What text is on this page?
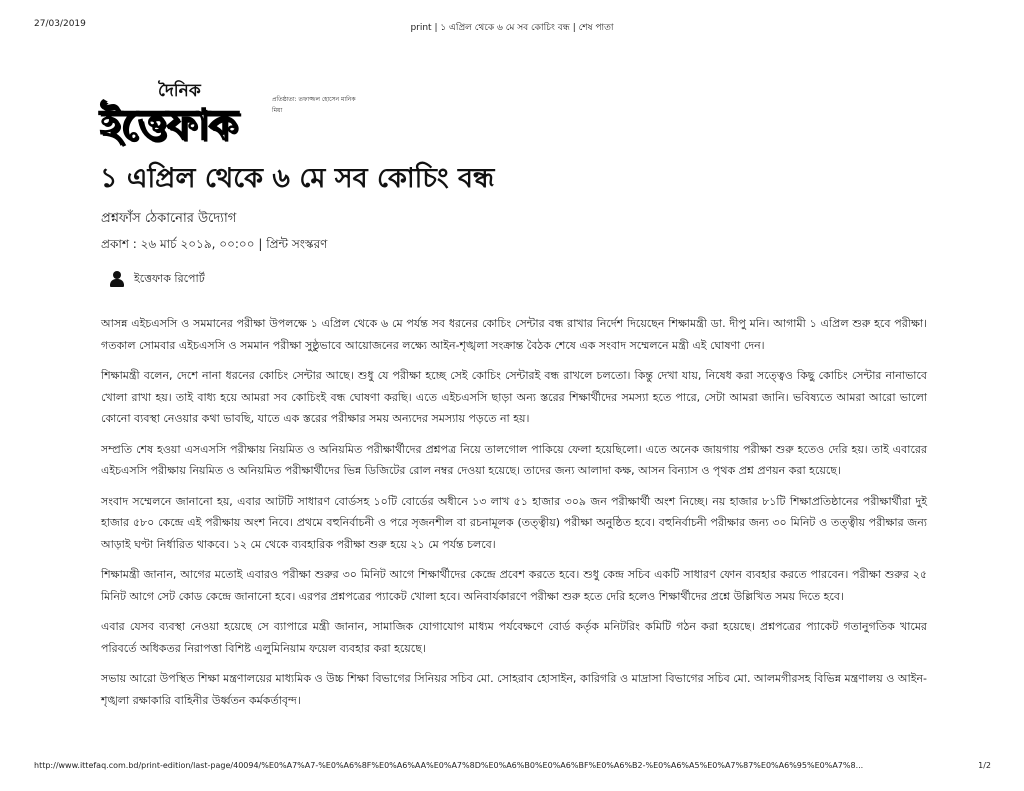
27/03/2019	print | ১ এপ্রিল থেকে ৬ মে সব কোচিং বন্ধ | শেষ পাতা
দৈনিক	প্রতিষ্ঠাতা: তফাজ্জল হোসেন মানিক মিয়া
ইত্তেফাক
১ এপ্রিল থেকে ৬ মে সব কোচিং বন্ধ
প্রশ্নফাঁস ঠেকানোর উদ্যোগ
প্রকাশ : ২৬ মার্চ ২০১৯, ০০:০০ | প্রিন্ট সংস্করণ
ইত্তেফাক রিপোর্ট

আসন্ন এইচএসসি ও সমমানের পরীক্ষা উপলক্ষে ১ এপ্রিল থেকে ৬ মে পর্যন্ত সব ধরনের কোচিং সেন্টার বন্ধ রাখার নির্দেশ দিয়েছেন শিক্ষামন্ত্রী ডা. দীপু মনি। আগামী ১ এপ্রিল শুরু হবে পরীক্ষা। গতকাল সোমবার এইচএসসি ও সমমান পরীক্ষা সুষ্ঠুভাবে আয়োজনের লক্ষ্যে আইন-শৃঙ্খলা সংক্রান্ত বৈঠক শেষে এক সংবাদ সম্মেলনে মন্ত্রী এই ঘোষণা দেন।

শিক্ষামন্ত্রী বলেন, দেশে নানা ধরনের কোচিং সেন্টার আছে। শুধু যে পরীক্ষা হচ্ছে সেই কোচিং সেন্টারই বন্ধ রাখলে চলতো। কিন্তু দেখা যায়, নিষেধ করা সত্ত্বেও কিছু কোচিং সেন্টার নানাভাবে খোলা রাখা হয়। তাই বাধ্য হয়ে আমরা সব কোচিংই বন্ধ ঘোষণা করছি। এতে এইচএসসি ছাড়া অন্য স্তরের শিক্ষার্থীদের সমস্যা হতে পারে, সেটা আমরা জানি। ভবিষ্যতে আমরা আরো ভালো কোনো ব্যবস্থা নেওয়ার কথা ভাবছি, যাতে এক স্তরের পরীক্ষার সময় অন্যদের সমস্যায় পড়তে না হয়।

সম্প্রতি শেষ হওয়া এসএসসি পরীক্ষায় নিয়মিত ও অনিয়মিত পরীক্ষার্থীদের প্রশ্নপত্র নিয়ে তালগোল পাকিয়ে ফেলা হয়েছিলো। এতে অনেক জায়গায় পরীক্ষা শুরু হতেও দেরি হয়। তাই এবারের এইচএসসি পরীক্ষায় নিয়মিত ও অনিয়মিত পরীক্ষার্থীদের ভিন্ন ডিজিটের রোল নম্বর দেওয়া হয়েছে। তাদের জন্য আলাদা কক্ষ, আসন বিন্যাস ও পৃথক প্রশ্ন প্রণয়ন করা হয়েছে।

সংবাদ সম্মেলনে জানানো হয়, এবার আটটি সাধারণ বোর্ডসহ ১০টি বোর্ডের অধীনে ১৩ লাখ ৫১ হাজার ৩০৯ জন পরীক্ষার্থী অংশ নিচ্ছে। নয় হাজার ৮১টি শিক্ষাপ্রতিষ্ঠানের পরীক্ষার্থীরা দুই হাজার ৫৮০ কেন্দ্রে এই পরীক্ষায় অংশ নিবে। প্রথমে বহুনির্বাচনী ও পরে সৃজনশীল বা রচনামূলক (তত্ত্বীয়) পরীক্ষা অনুষ্ঠিত হবে। বহুনির্বাচনী পরীক্ষার জন্য ৩০ মিনিট ও তত্ত্বীয় পরীক্ষার জন্য আড়াই ঘণ্টা নির্ধারিত থাকবে। ১২ মে থেকে ব্যবহারিক পরীক্ষা শুরু হয়ে ২১ মে পর্যন্ত চলবে।

শিক্ষামন্ত্রী জানান, আগের মতোই এবারও পরীক্ষা শুরুর ৩০ মিনিট আগে শিক্ষার্থীদের কেন্দ্রে প্রবেশ করতে হবে। শুধু কেন্দ্র সচিব একটি সাধারণ ফোন ব্যবহার করতে পারবেন। পরীক্ষা শুরুর ২৫ মিনিট আগে সেট কোড কেন্দ্রে জানানো হবে। এরপর প্রশ্নপত্রের প্যাকেট খোলা হবে। অনিবার্যকারণে পরীক্ষা শুরু হতে দেরি হলেও শিক্ষার্থীদের প্রশ্নে উল্লিখিত সময় দিতে হবে।

এবার যেসব ব্যবস্থা নেওয়া হয়েছে সে ব্যাপারে মন্ত্রী জানান, সামাজিক যোগাযোগ মাধ্যম পর্যবেক্ষণে বোর্ড কর্তৃক মনিটরিং কমিটি গঠন করা হয়েছে। প্রশ্নপত্রের প্যাকেট গতানুগতিক খামের পরিবর্তে অধিকতর নিরাপত্তা বিশিষ্ট এলুমিনিয়াম ফয়েল ব্যবহার করা হয়েছে।

সভায় আরো উপস্থিত শিক্ষা মন্ত্রণালয়ের মাধ্যমিক ও উচ্চ শিক্ষা বিভাগের সিনিয়র সচিব মো. সোহরাব হোসাইন, কারিগরি ও মাদ্রাসা বিভাগের সচিব মো. আলমগীরসহ বিভিন্ন মন্ত্রণালয় ও আইন-শৃঙ্খলা রক্ষাকারি বাহিনীর উর্ধ্বতন কর্মকর্তাবৃন্দ।

http://www.ittefaq.com.bd/print-edition/last-page/40094/%E0%A7%A7-%E0%A6%8F%E0%A6%AA%E0%A7%8D%E0%A6%B0%E0%A6%BF%E0%A6%B2-%E0%A6%A5%E0%A7%87%E0%A6%95%E0%A7%8...	1/2
